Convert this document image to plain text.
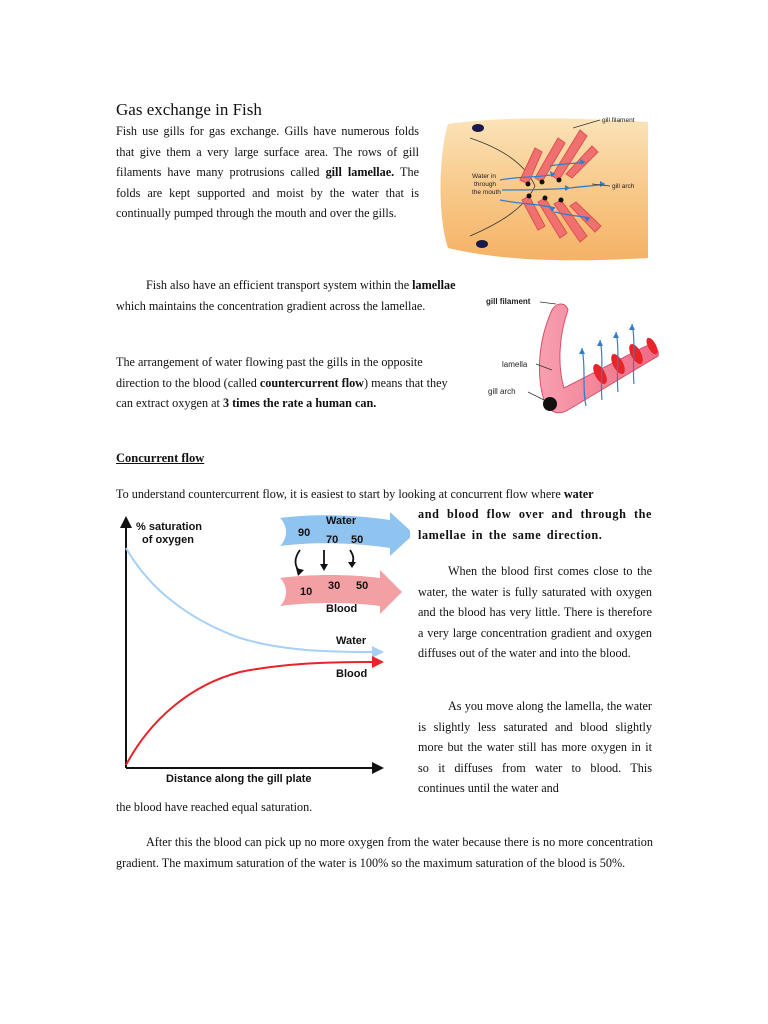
Gas exchange in Fish
Fish use gills for gas exchange. Gills have numerous folds that give them a very large surface area. The rows of gill filaments have many protrusions called gill lamellae. The folds are kept supported and moist by the water that is continually pumped through the mouth and over the gills.
gill filament
gill arch
Water in
through
the mouth
Fish also have an efficient transport system within the lamellae which maintains the concentration gradient across the lamellae.
The arrangement of water flowing past the gills in the opposite direction to the blood (called countercurrent flow) means that they can extract oxygen at 3 times the rate a human can.
gill filament
lamella
gill arch
Concurrent flow
To understand countercurrent flow, it is easiest to start by looking at concurrent flow where water
and blood flow over and through the lamellae in the same direction.
When the blood first comes close to the water, the water is fully saturated with oxygen and the blood has very little. There is therefore a very large concentration gradient and oxygen diffuses out of the water and into the blood.
As you move along the lamella, the water is slightly less saturated and blood slightly more but the water still has more oxygen in it so it diffuses from water to blood. This continues until the water and
the blood have reached equal saturation.
After this the blood can pick up no more oxygen from the water because there is no more concentration gradient. The maximum saturation of the water is 100% so the maximum saturation of the blood is 50%.
% saturation
of oxygen
Distance along the gill plate
Water
Blood
Water
90
70 50
10 30 50
Blood
